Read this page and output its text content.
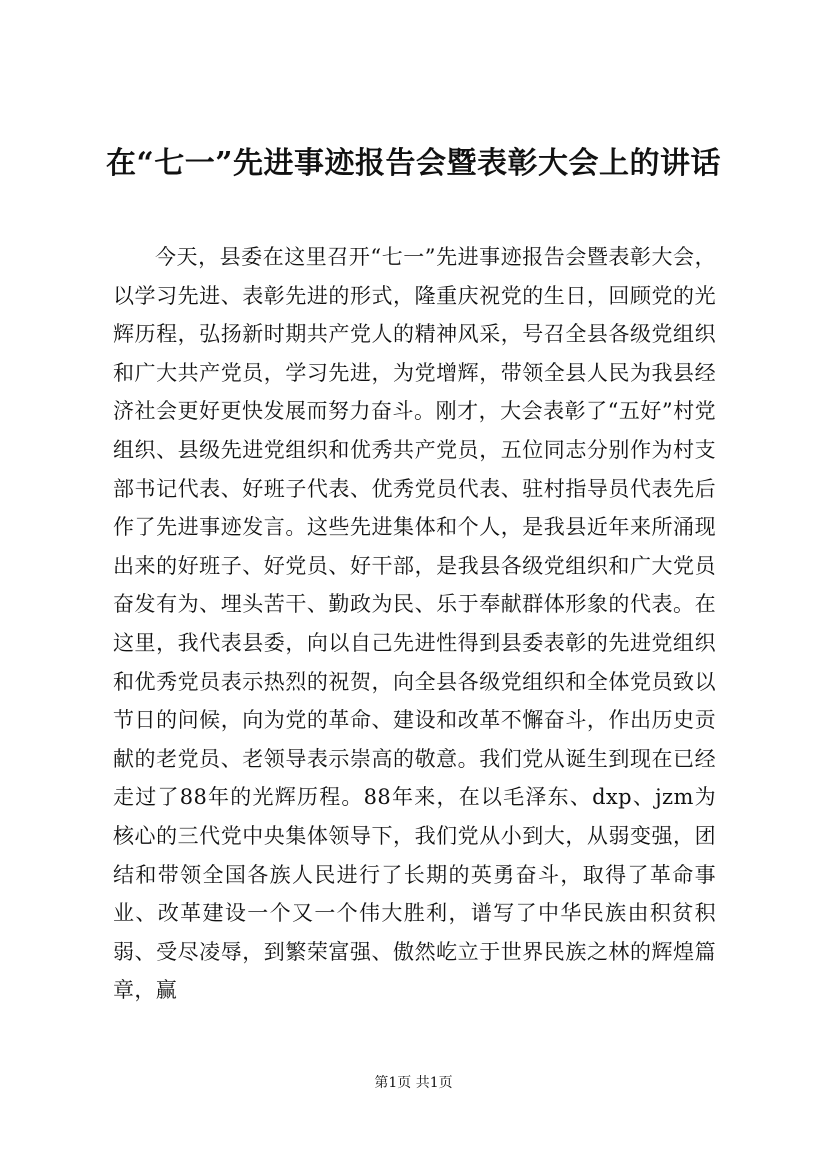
在“七一”先进事迹报告会暨表彰大会上的讲话

今天，县委在这里召开“七一”先进事迹报告会暨表彰大会，以学习先进、表彰先进的形式，隆重庆祝党的生日，回顾党的光辉历程，弘扬新时期共产党人的精神风采，号召全县各级党组织和广大共产党员，学习先进，为党增辉，带领全县人民为我县经济社会更好更快发展而努力奋斗。刚才，大会表彰了“五好”村党组织、县级先进党组织和优秀共产党员，五位同志分别作为村支部书记代表、好班子代表、优秀党员代表、驻村指导员代表先后作了先进事迹发言。这些先进集体和个人，是我县近年来所涌现出来的好班子、好党员、好干部，是我县各级党组织和广大党员奋发有为、埋头苦干、勤政为民、乐于奉献群体形象的代表。在这里，我代表县委，向以自己先进性得到县委表彰的先进党组织和优秀党员表示热烈的祝贺，向全县各级党组织和全体党员致以节日的问候，向为党的革命、建设和改革不懈奋斗，作出历史贡献的老党员、老领导表示崇高的敬意。我们党从诞生到现在已经走过了88年的光辉历程。88年来，在以毛泽东、dxp、jzm为核心的三代党中央集体领导下，我们党从小到大，从弱变强，团结和带领全国各族人民进行了长期的英勇奋斗，取得了革命事业、改革建设一个又一个伟大胜利，谱写了中华民族由积贫积弱、受尽凌辱，到繁荣富强、傲然屹立于世界民族之林的辉煌篇章，赢

第1页 共1页
